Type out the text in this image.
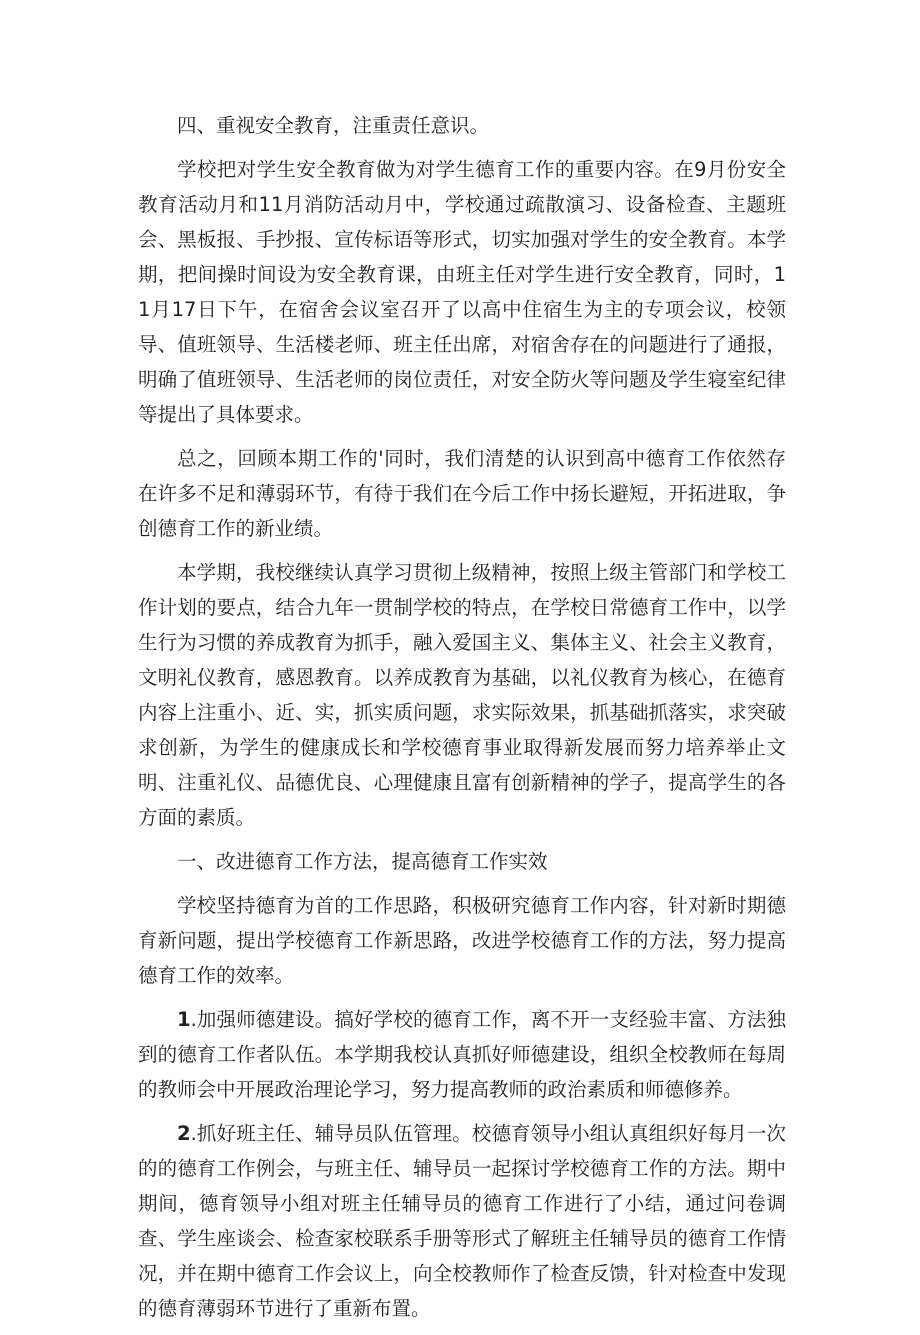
四、重视安全教育，注重责任意识。

学校把对学生安全教育做为对学生德育工作的重要内容。在9月份安全教育活动月和11月消防活动月中，学校通过疏散演习、设备检查、主题班会、黑板报、手抄报、宣传标语等形式，切实加强对学生的安全教育。本学期，把间操时间设为安全教育课，由班主任对学生进行安全教育，同时，11月17日下午，在宿舍会议室召开了以高中住宿生为主的专项会议，校领导、值班领导、生活楼老师、班主任出席，对宿舍存在的问题进行了通报，明确了值班领导、生活老师的岗位责任，对安全防火等问题及学生寝室纪律等提出了具体要求。

总之，回顾本期工作的'同时，我们清楚的认识到高中德育工作依然存在许多不足和薄弱环节，有待于我们在今后工作中扬长避短，开拓进取，争创德育工作的新业绩。

本学期，我校继续认真学习贯彻上级精神，按照上级主管部门和学校工作计划的要点，结合九年一贯制学校的特点，在学校日常德育工作中，以学生行为习惯的养成教育为抓手，融入爱国主义、集体主义、社会主义教育，文明礼仪教育，感恩教育。以养成教育为基础，以礼仪教育为核心，在德育内容上注重小、近、实，抓实质问题，求实际效果，抓基础抓落实，求突破求创新，为学生的健康成长和学校德育事业取得新发展而努力培养举止文明、注重礼仪、品德优良、心理健康且富有创新精神的学子，提高学生的各方面的素质。

一、改进德育工作方法，提高德育工作实效

学校坚持德育为首的工作思路，积极研究德育工作内容，针对新时期德育新问题，提出学校德育工作新思路，改进学校德育工作的方法，努力提高德育工作的效率。

1.加强师德建设。搞好学校的德育工作，离不开一支经验丰富、方法独到的德育工作者队伍。本学期我校认真抓好师德建设，组织全校教师在每周的教师会中开展政治理论学习，努力提高教师的政治素质和师德修养。

2.抓好班主任、辅导员队伍管理。校德育领导小组认真组织好每月一次的的德育工作例会，与班主任、辅导员一起探讨学校德育工作的方法。期中期间，德育领导小组对班主任辅导员的德育工作进行了小结，通过问卷调查、学生座谈会、检查家校联系手册等形式了解班主任辅导员的德育工作情况，并在期中德育工作会议上，向全校教师作了检查反馈，针对检查中发现的德育薄弱环节进行了重新布置。
